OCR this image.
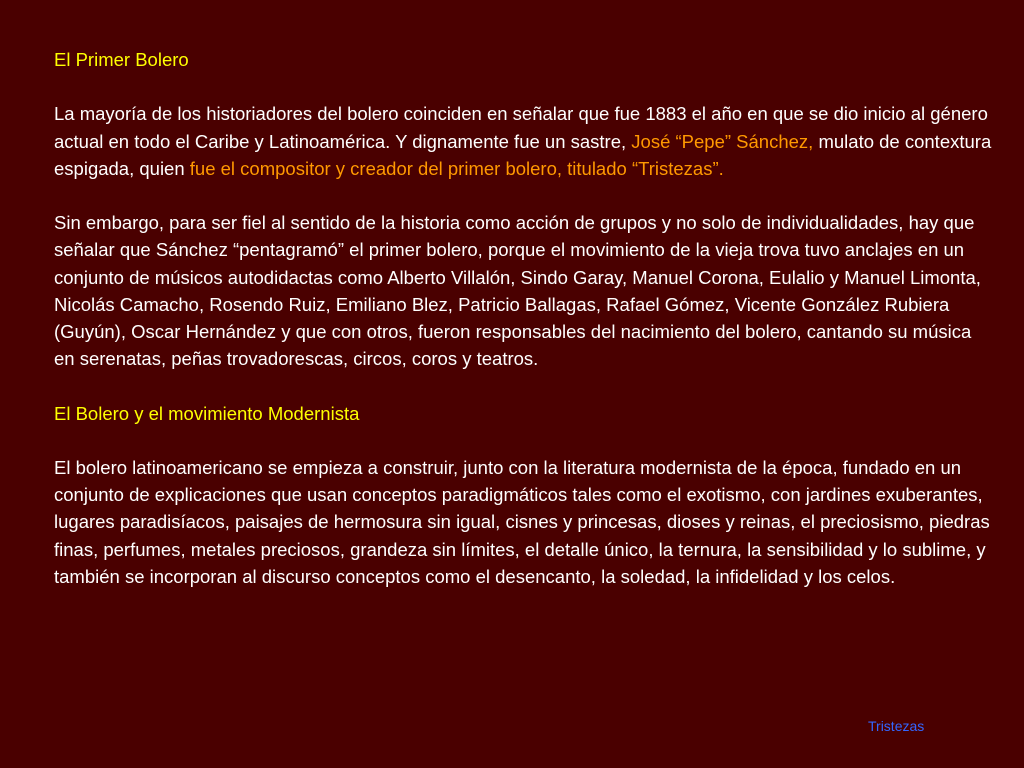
El Primer Bolero

La mayoría de los historiadores del bolero coinciden en señalar que fue 1883 el año en que se dio inicio al género actual en todo el Caribe y Latinoamérica. Y dignamente fue un sastre, José “Pepe” Sánchez, mulato de contextura espigada, quien fue el compositor y creador del primer bolero, titulado “Tristezas”.

Sin embargo, para ser fiel al sentido de la historia como acción de grupos y no solo de individualidades, hay que señalar que Sánchez “pentagramó” el primer bolero, porque el movimiento de la vieja trova tuvo anclajes en un conjunto de músicos autodidactas como Alberto Villalón, Sindo Garay, Manuel Corona, Eulalio y Manuel Limonta, Nicolás Camacho, Rosendo Ruiz, Emiliano Blez, Patricio Ballagas, Rafael Gómez, Vicente González Rubiera (Guyún), Oscar Hernández y que con otros, fueron responsables del nacimiento del bolero, cantando su música en serenatas, peñas trovadorescas, circos, coros y teatros.

El Bolero y el movimiento Modernista

El bolero latinoamericano se empieza a construir, junto con la literatura modernista de la época, fundado en un conjunto de explicaciones que usan conceptos paradigmáticos tales como el exotismo, con jardines exuberantes, lugares paradisíacos, paisajes de hermosura sin igual, cisnes y princesas, dioses y reinas, el preciosismo, piedras finas, perfumes, metales preciosos, grandeza sin límites, el detalle único, la ternura, la sensibilidad y lo sublime, y también se incorporan al discurso conceptos como el desencanto, la soledad, la infidelidad y los celos.

Tristezas
